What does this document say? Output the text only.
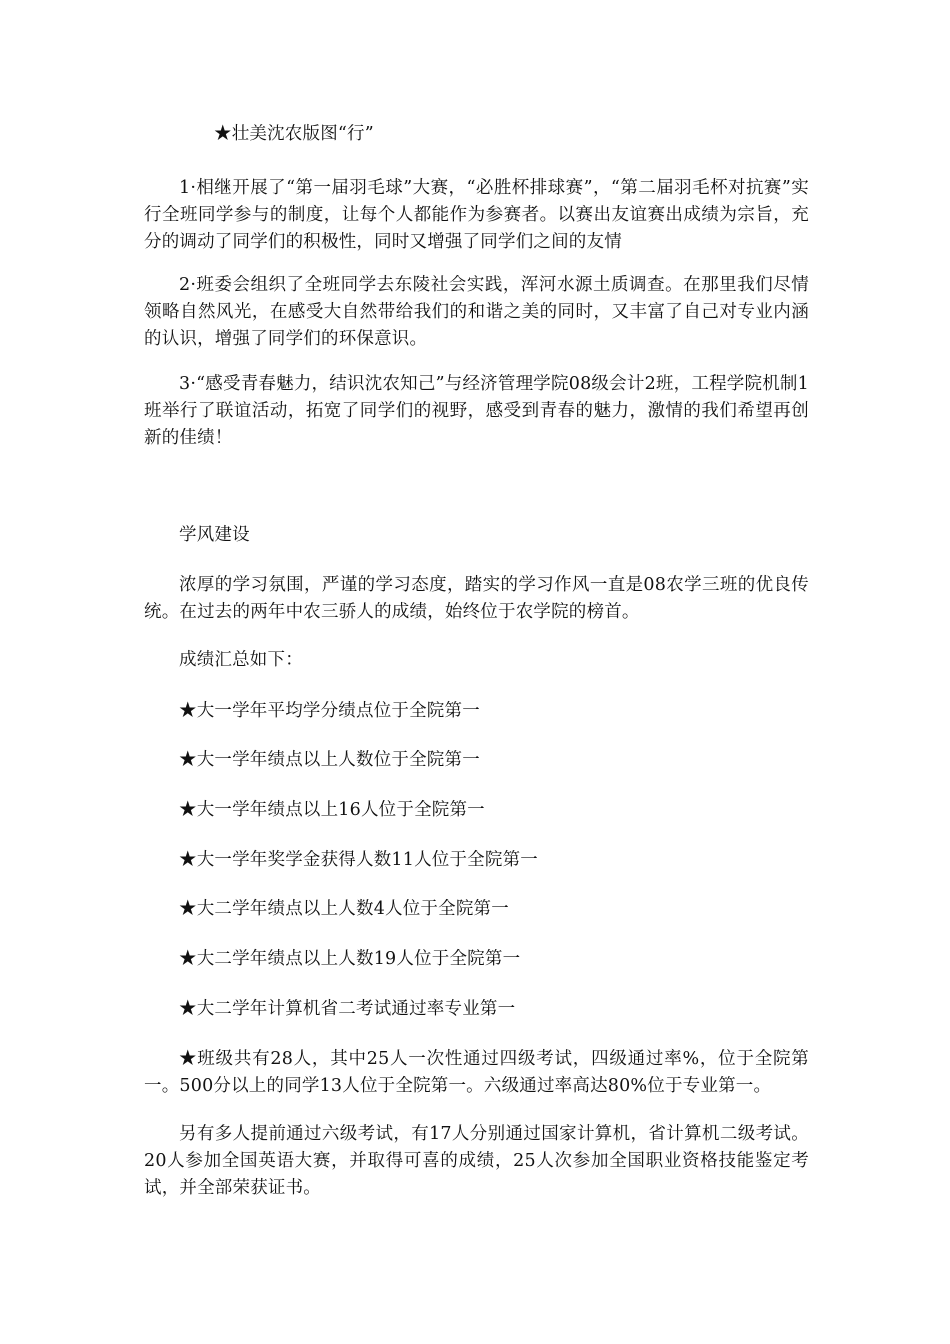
★壮美沈农版图“行”

1·相继开展了“第一届羽毛球”大赛，“必胜杯排球赛”，“第二届羽毛杯对抗赛”实行全班同学参与的制度，让每个人都能作为参赛者。以赛出友谊赛出成绩为宗旨，充分的调动了同学们的积极性，同时又增强了同学们之间的友情

2·班委会组织了全班同学去东陵社会实践，浑河水源土质调查。在那里我们尽情领略自然风光，在感受大自然带给我们的和谐之美的同时，又丰富了自己对专业内涵的认识，增强了同学们的环保意识。

3·“感受青春魅力，结识沈农知己”与经济管理学院08级会计2班，工程学院机制1班举行了联谊活动，拓宽了同学们的视野，感受到青春的魅力，激情的我们希望再创新的佳绩！

学风建设

浓厚的学习氛围，严谨的学习态度，踏实的学习作风一直是08农学三班的优良传统。在过去的两年中农三骄人的成绩，始终位于农学院的榜首。

成绩汇总如下：

★大一学年平均学分绩点位于全院第一

★大一学年绩点以上人数位于全院第一

★大一学年绩点以上16人位于全院第一

★大一学年奖学金获得人数11人位于全院第一

★大二学年绩点以上人数4人位于全院第一

★大二学年绩点以上人数19人位于全院第一

★大二学年计算机省二考试通过率专业第一

★班级共有28人，其中25人一次性通过四级考试，四级通过率%，位于全院第一。500分以上的同学13人位于全院第一。六级通过率高达80%位于专业第一。

另有多人提前通过六级考试，有17人分别通过国家计算机，省计算机二级考试。20人参加全国英语大赛，并取得可喜的成绩，25人次参加全国职业资格技能鉴定考试，并全部荣获证书。
